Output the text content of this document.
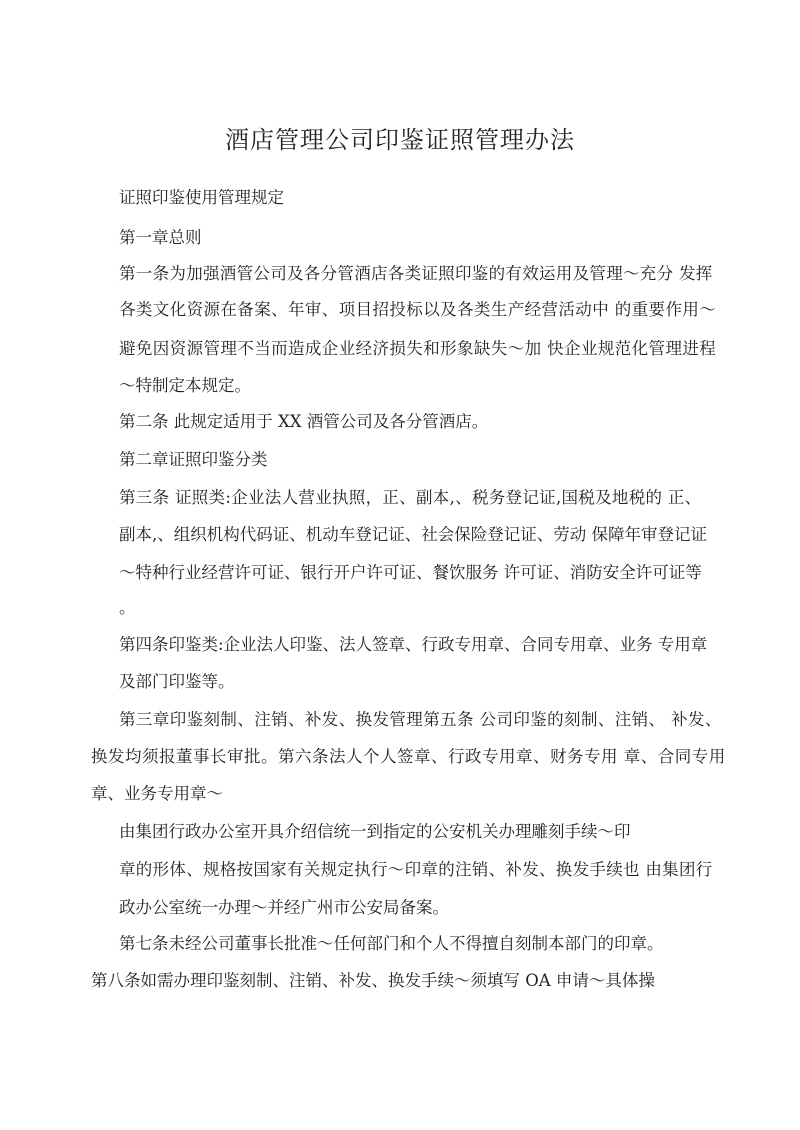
酒店管理公司印鉴证照管理办法
证照印鉴使用管理规定
第一章总则
第一条为加强酒管公司及各分管酒店各类证照印鉴的有效运用及管理〜充分 发挥
各类文化资源在备案、年审、项目招投标以及各类生产经营活动中 的重要作用〜
避免因资源管理不当而造成企业经济损失和形象缺失〜加 快企业规范化管理进程
〜特制定本规定。
第二条 此规定适用于 XX 酒管公司及各分管酒店。
第二章证照印鉴分类
第三条 证照类:企业法人营业执照，正、副本,、税务登记证,国税及地税的 正、
副本,、组织机构代码证、机动车登记证、社会保险登记证、劳动 保障年审登记证
〜特种行业经营许可证、银行开户许可证、餐饮服务 许可证、消防安全许可证等
。
第四条印鉴类:企业法人印鉴、法人签章、行政专用章、合同专用章、业务 专用章
及部门印鉴等。
第三章印鉴刻制、注销、补发、换发管理第五条 公司印鉴的刻制、注销、 补发、
换发均须报董事长审批。第六条法人个人签章、行政专用章、财务专用 章、合同专用
章、业务专用章〜
由集团行政办公室开具介绍信统一到指定的公安机关办理雕刻手续〜印
章的形体、规格按国家有关规定执行〜印章的注销、补发、换发手续也 由集团行
政办公室统一办理〜并经广州市公安局备案。
第七条未经公司董事长批准〜任何部门和个人不得擅自刻制本部门的印章。
第八条如需办理印鉴刻制、注销、补发、换发手续〜须填写 OA 申请〜具体操
